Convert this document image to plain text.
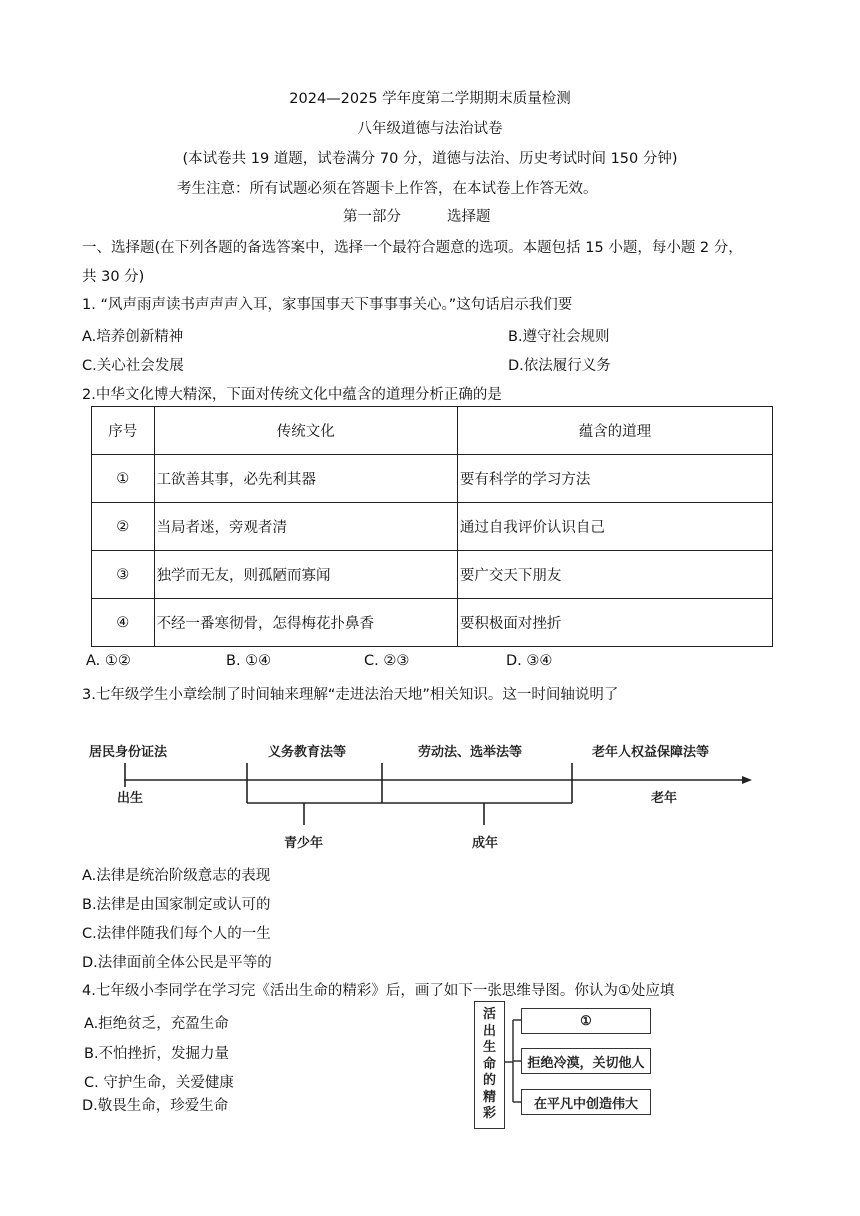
2024—2025 学年度第二学期期末质量检测
八年级道德与法治试卷
(本试卷共 19 道题，试卷满分 70 分，道德与法治、历史考试时间 150 分钟)
考生注意：所有试题必须在答题卡上作答，在本试卷上作答无效。
第一部分	选择题
一、选择题(在下列各题的备选答案中，选择一个最符合题意的选项。本题包括 15 小题，每小题 2 分，
共 30 分)
1. “风声雨声读书声声声入耳，家事国事天下事事事关心。”这句话启示我们要
A.培养创新精神	B.遵守社会规则
C.关心社会发展	D.依法履行义务
2.中华文化博大精深，下面对传统文化中蕴含的道理分析正确的是
序号	传统文化	蕴含的道理
①	工欲善其事，必先利其器	要有科学的学习方法
②	当局者迷，旁观者清	通过自我评价认识自己
③	独学而无友，则孤陋而寡闻	要广交天下朋友
④	不经一番寒彻骨，怎得梅花扑鼻香	要积极面对挫折
A. ①②	B. ①④	C. ②③	D. ③④
3.七年级学生小章绘制了时间轴来理解“走进法治天地”相关知识。这一时间轴说明了
居民身份证法	义务教育法等	劳动法、选举法等	老年人权益保障法等
出生
青少年	成年
老年
A.法律是统治阶级意志的表现
B.法律是由国家制定或认可的
C.法律伴随我们每个人的一生
D.法律面前全体公民是平等的
4.七年级小李同学在学习完《活出生命的精彩》后，画了如下一张思维导图。你认为①处应填
A.拒绝贫乏，充盈生命
B.不怕挫折，发掘力量
C. 守护生命，关爱健康
D.敬畏生命，珍爱生命
活
出
生
命
的
精
彩
①
拒绝冷漠，关切他人
在平凡中创造伟大
